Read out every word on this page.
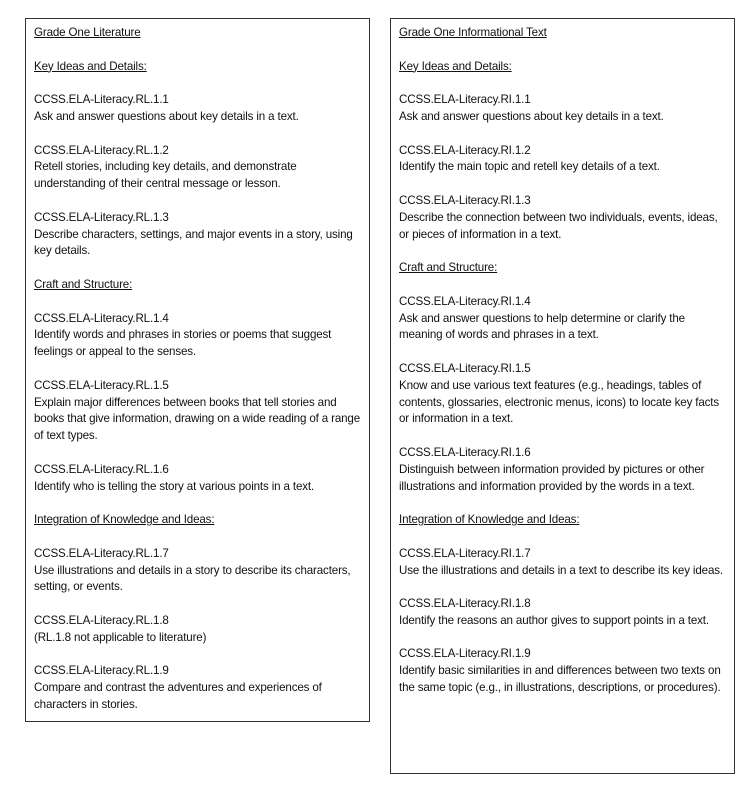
Grade One Literature
Key Ideas and Details:
CCSS.ELA-Literacy.RL.1.1
Ask and answer questions about key details in a text.
CCSS.ELA-Literacy.RL.1.2
Retell stories, including key details, and demonstrate understanding of their central message or lesson.
CCSS.ELA-Literacy.RL.1.3
Describe characters, settings, and major events in a story, using key details.
Craft and Structure:
CCSS.ELA-Literacy.RL.1.4
Identify words and phrases in stories or poems that suggest feelings or appeal to the senses.
CCSS.ELA-Literacy.RL.1.5
Explain major differences between books that tell stories and books that give information, drawing on a wide reading of a range of text types.
CCSS.ELA-Literacy.RL.1.6
Identify who is telling the story at various points in a text.
Integration of Knowledge and Ideas:
CCSS.ELA-Literacy.RL.1.7
Use illustrations and details in a story to describe its characters, setting, or events.
CCSS.ELA-Literacy.RL.1.8
(RL.1.8 not applicable to literature)
CCSS.ELA-Literacy.RL.1.9
Compare and contrast the adventures and experiences of characters in stories.
Grade One Informational Text
Key Ideas and Details:
CCSS.ELA-Literacy.RI.1.1
Ask and answer questions about key details in a text.
CCSS.ELA-Literacy.RI.1.2
Identify the main topic and retell key details of a text.
CCSS.ELA-Literacy.RI.1.3
Describe the connection between two individuals, events, ideas, or pieces of information in a text.
Craft and Structure:
CCSS.ELA-Literacy.RI.1.4
Ask and answer questions to help determine or clarify the meaning of words and phrases in a text.
CCSS.ELA-Literacy.RI.1.5
Know and use various text features (e.g., headings, tables of contents, glossaries, electronic menus, icons) to locate key facts or information in a text.
CCSS.ELA-Literacy.RI.1.6
Distinguish between information provided by pictures or other illustrations and information provided by the words in a text.
Integration of Knowledge and Ideas:
CCSS.ELA-Literacy.RI.1.7
Use the illustrations and details in a text to describe its key ideas.
CCSS.ELA-Literacy.RI.1.8
Identify the reasons an author gives to support points in a text.
CCSS.ELA-Literacy.RI.1.9
Identify basic similarities in and differences between two texts on the same topic (e.g., in illustrations, descriptions, or procedures).
